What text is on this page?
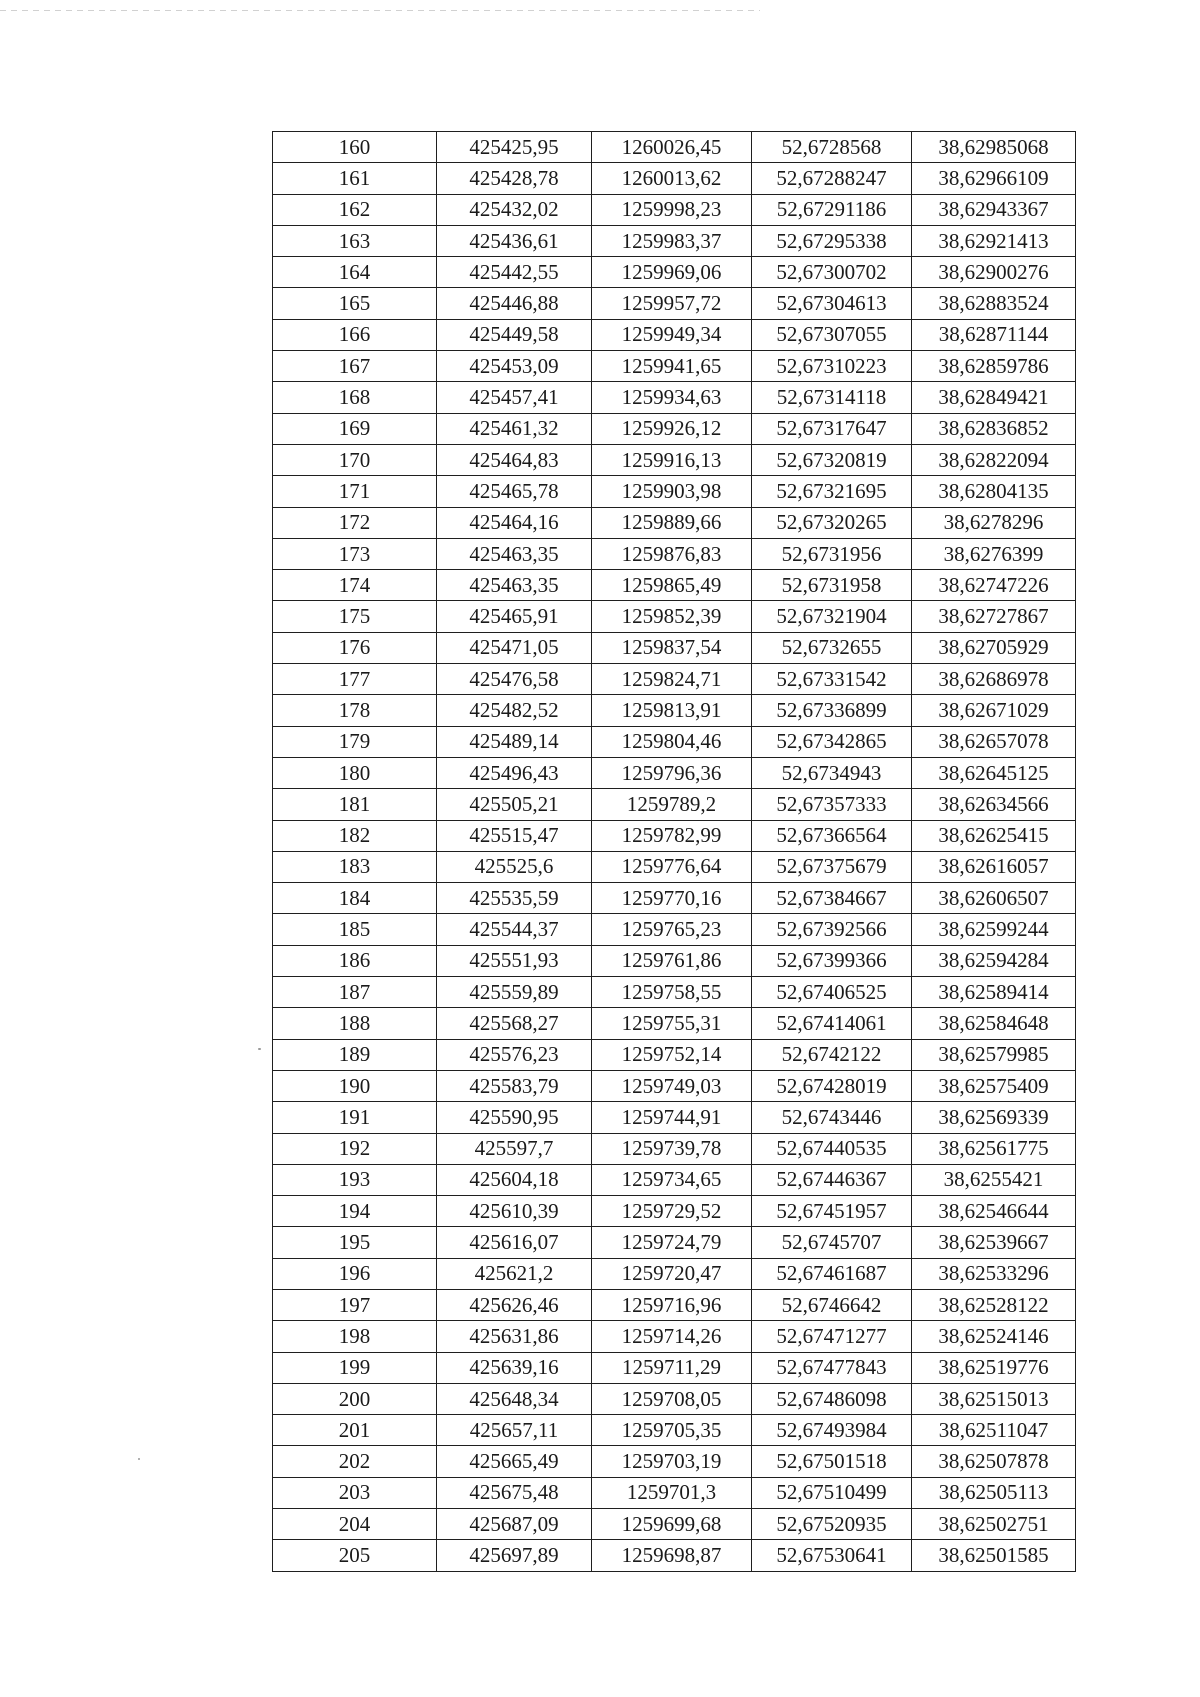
160	425425,95	1260026,45	52,6728568	38,62985068
161	425428,78	1260013,62	52,67288247	38,62966109
162	425432,02	1259998,23	52,67291186	38,62943367
163	425436,61	1259983,37	52,67295338	38,62921413
164	425442,55	1259969,06	52,67300702	38,62900276
165	425446,88	1259957,72	52,67304613	38,62883524
166	425449,58	1259949,34	52,67307055	38,62871144
167	425453,09	1259941,65	52,67310223	38,62859786
168	425457,41	1259934,63	52,67314118	38,62849421
169	425461,32	1259926,12	52,67317647	38,62836852
170	425464,83	1259916,13	52,67320819	38,62822094
171	425465,78	1259903,98	52,67321695	38,62804135
172	425464,16	1259889,66	52,67320265	38,6278296
173	425463,35	1259876,83	52,6731956	38,6276399
174	425463,35	1259865,49	52,6731958	38,62747226
175	425465,91	1259852,39	52,67321904	38,62727867
176	425471,05	1259837,54	52,6732655	38,62705929
177	425476,58	1259824,71	52,67331542	38,62686978
178	425482,52	1259813,91	52,67336899	38,62671029
179	425489,14	1259804,46	52,67342865	38,62657078
180	425496,43	1259796,36	52,6734943	38,62645125
181	425505,21	1259789,2	52,67357333	38,62634566
182	425515,47	1259782,99	52,67366564	38,62625415
183	425525,6	1259776,64	52,67375679	38,62616057
184	425535,59	1259770,16	52,67384667	38,62606507
185	425544,37	1259765,23	52,67392566	38,62599244
186	425551,93	1259761,86	52,67399366	38,62594284
187	425559,89	1259758,55	52,67406525	38,62589414
188	425568,27	1259755,31	52,67414061	38,62584648
189	425576,23	1259752,14	52,6742122	38,62579985
190	425583,79	1259749,03	52,67428019	38,62575409
191	425590,95	1259744,91	52,6743446	38,62569339
192	425597,7	1259739,78	52,67440535	38,62561775
193	425604,18	1259734,65	52,67446367	38,6255421
194	425610,39	1259729,52	52,67451957	38,62546644
195	425616,07	1259724,79	52,6745707	38,62539667
196	425621,2	1259720,47	52,67461687	38,62533296
197	425626,46	1259716,96	52,6746642	38,62528122
198	425631,86	1259714,26	52,67471277	38,62524146
199	425639,16	1259711,29	52,67477843	38,62519776
200	425648,34	1259708,05	52,67486098	38,62515013
201	425657,11	1259705,35	52,67493984	38,62511047
202	425665,49	1259703,19	52,67501518	38,62507878
203	425675,48	1259701,3	52,67510499	38,62505113
204	425687,09	1259699,68	52,67520935	38,62502751
205	425697,89	1259698,87	52,67530641	38,62501585
